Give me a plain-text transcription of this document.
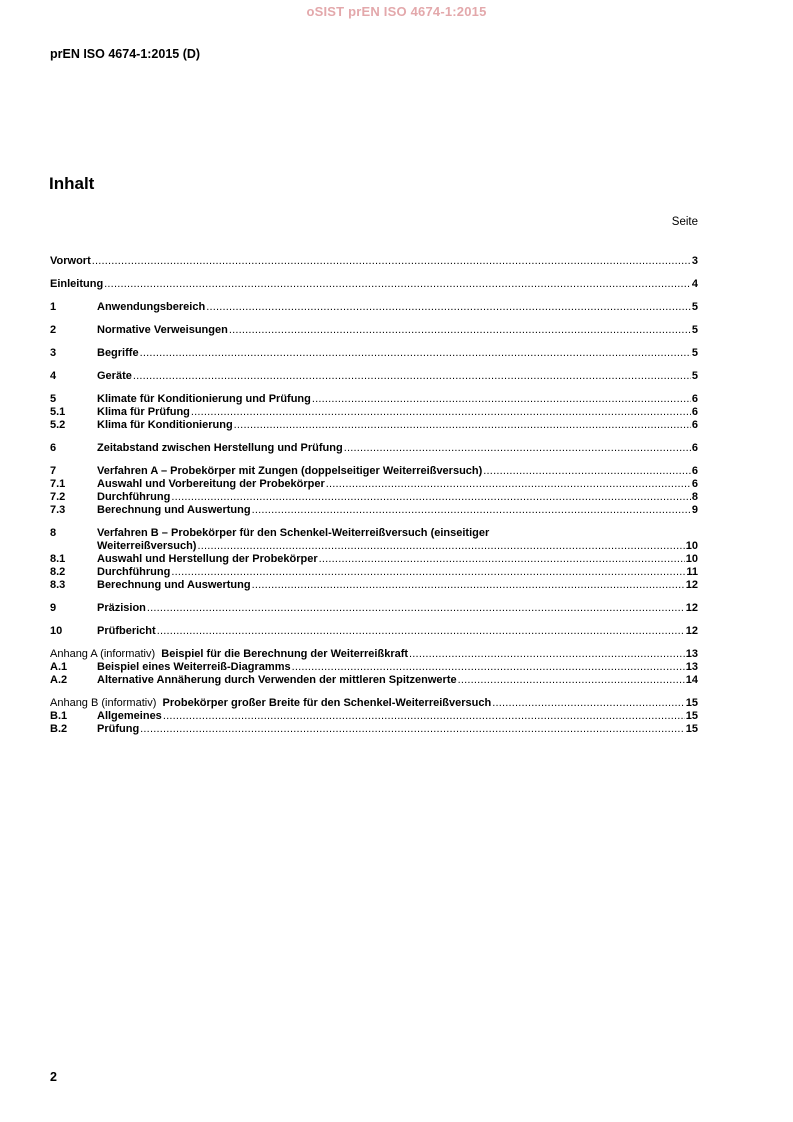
oSIST prEN ISO 4674-1:2015
prEN ISO 4674-1:2015 (D)
Inhalt
Seite
Vorwort .....	3
Einleitung .....	4
1	Anwendungsbereich .....	5
2	Normative Verweisungen .....	5
3	Begriffe .....	5
4	Geräte .....	5
5	Klimate für Konditionierung und Prüfung .....	6
5.1	Klima für Prüfung .....	6
5.2	Klima für Konditionierung .....	6
6	Zeitabstand zwischen Herstellung und Prüfung .....	6
7	Verfahren A – Probekörper mit Zungen (doppelseitiger Weiterreißversuch) .....	6
7.1	Auswahl und Vorbereitung der Probekörper .....	6
7.2	Durchführung .....	8
7.3	Berechnung und Auswertung .....	9
8	Verfahren B – Probekörper für den Schenkel-Weiterreißversuch (einseitiger
Weiterreißversuch) .....	10
8.1	Auswahl und Herstellung der Probekörper .....	10
8.2	Durchführung .....	11
8.3	Berechnung und Auswertung .....	12
9	Präzision .....	12
10	Prüfbericht .....	12
Anhang A (informativ) Beispiel für die Berechnung der Weiterreißkraft .....	13
A.1	Beispiel eines Weiterreiß-Diagramms .....	13
A.2	Alternative Annäherung durch Verwenden der mittleren Spitzenwerte .....	14
Anhang B (informativ) Probekörper großer Breite für den Schenkel-Weiterreißversuch .....	15
B.1	Allgemeines .....	15
B.2	Prüfung .....	15
2
